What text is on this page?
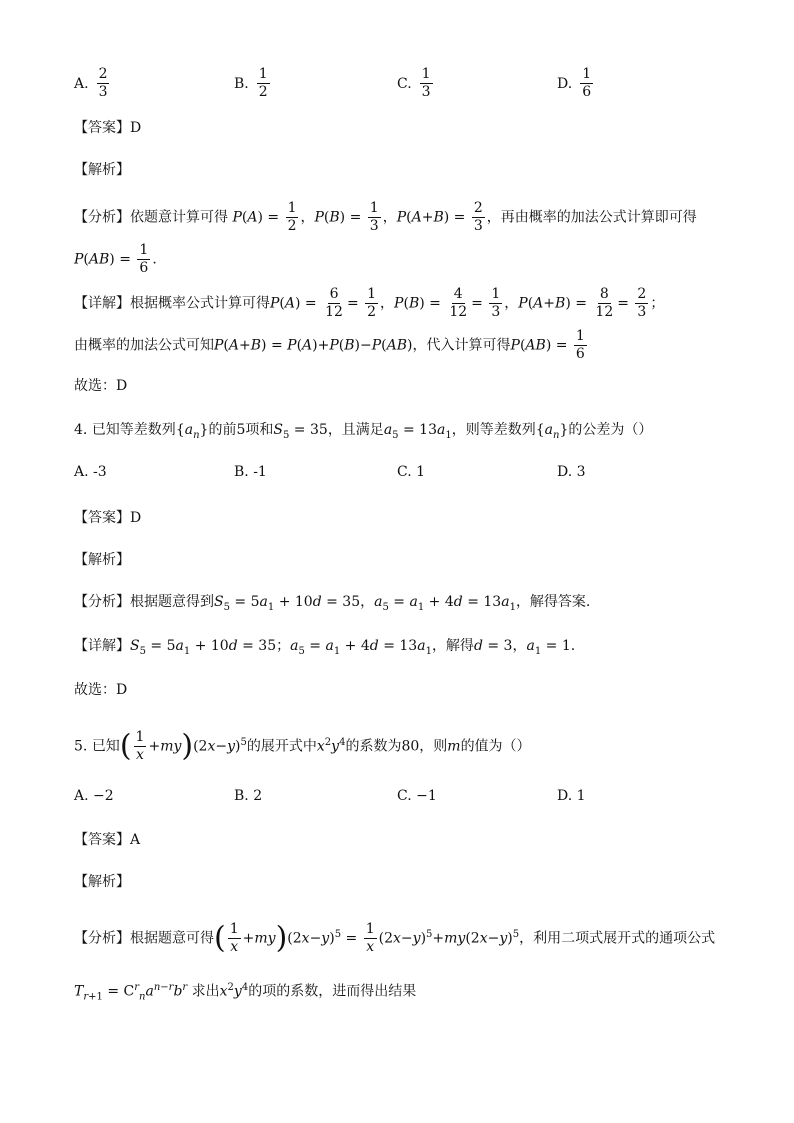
A. $\frac{2}{3}$	B. $\frac{1}{2}$	C. $\frac{1}{3}$	D. $\frac{1}{6}$
【答案】D
【解析】
【分析】依题意计算可得 $P(A) = \frac{1}{2}$ ，$P(B) = \frac{1}{3}$ ，$P(A+B) = \frac{2}{3}$ ，再由概率的加法公式计算即可得
$P(AB) = \frac{1}{6}$ .
【详解】根据概率公式计算可得$P(A) = \frac{6}{12} = \frac{1}{2}$ ，$P(B) = \frac{4}{12} = \frac{1}{3}$ ，$P(A+B) = \frac{8}{12} = \frac{2}{3}$ ；
由概率的加法公式可知P(A+B) = P(A)+P(B)−P(AB)，代入计算可得$P(AB) = \frac{1}{6}$
故选：D
4. 已知等差数列$\{a_n\}$的前5项和$S_5 = 35$，且满足$a_5 = 13a_1$，则等差数列$\{a_n\}$的公差为（）
A. -3	B. -1	C. 1	D. 3
【答案】D
【解析】
【分析】根据题意得到$S_5 = 5a_1 + 10d = 35$，$a_5 = a_1 + 4d = 13a_1$，解得答案.
【详解】$S_5 = 5a_1 + 10d = 35$；$a_5 = a_1 + 4d = 13a_1$，解得d = 3，$a_1 = 1$.
故选：D
5. 已知( $\frac{1}{x} +my)(2x-y)^5$的展开式中$x^2y^4$的系数为80，则m的值为（）
A. −2	B. 2	C. −1	D. 1
【答案】A
【解析】
【分析】根据题意可得( $\frac{1}{x} +my)(2x-y)^5 = \frac{1}{x} (2x-y)^5+my(2x-y)^5$，利用二项式展开式的通项公式
$T_{r+1} = C^r_na^{n-r}b^r$ 求出$x^2y^4$的项的系数，进而得出结果
